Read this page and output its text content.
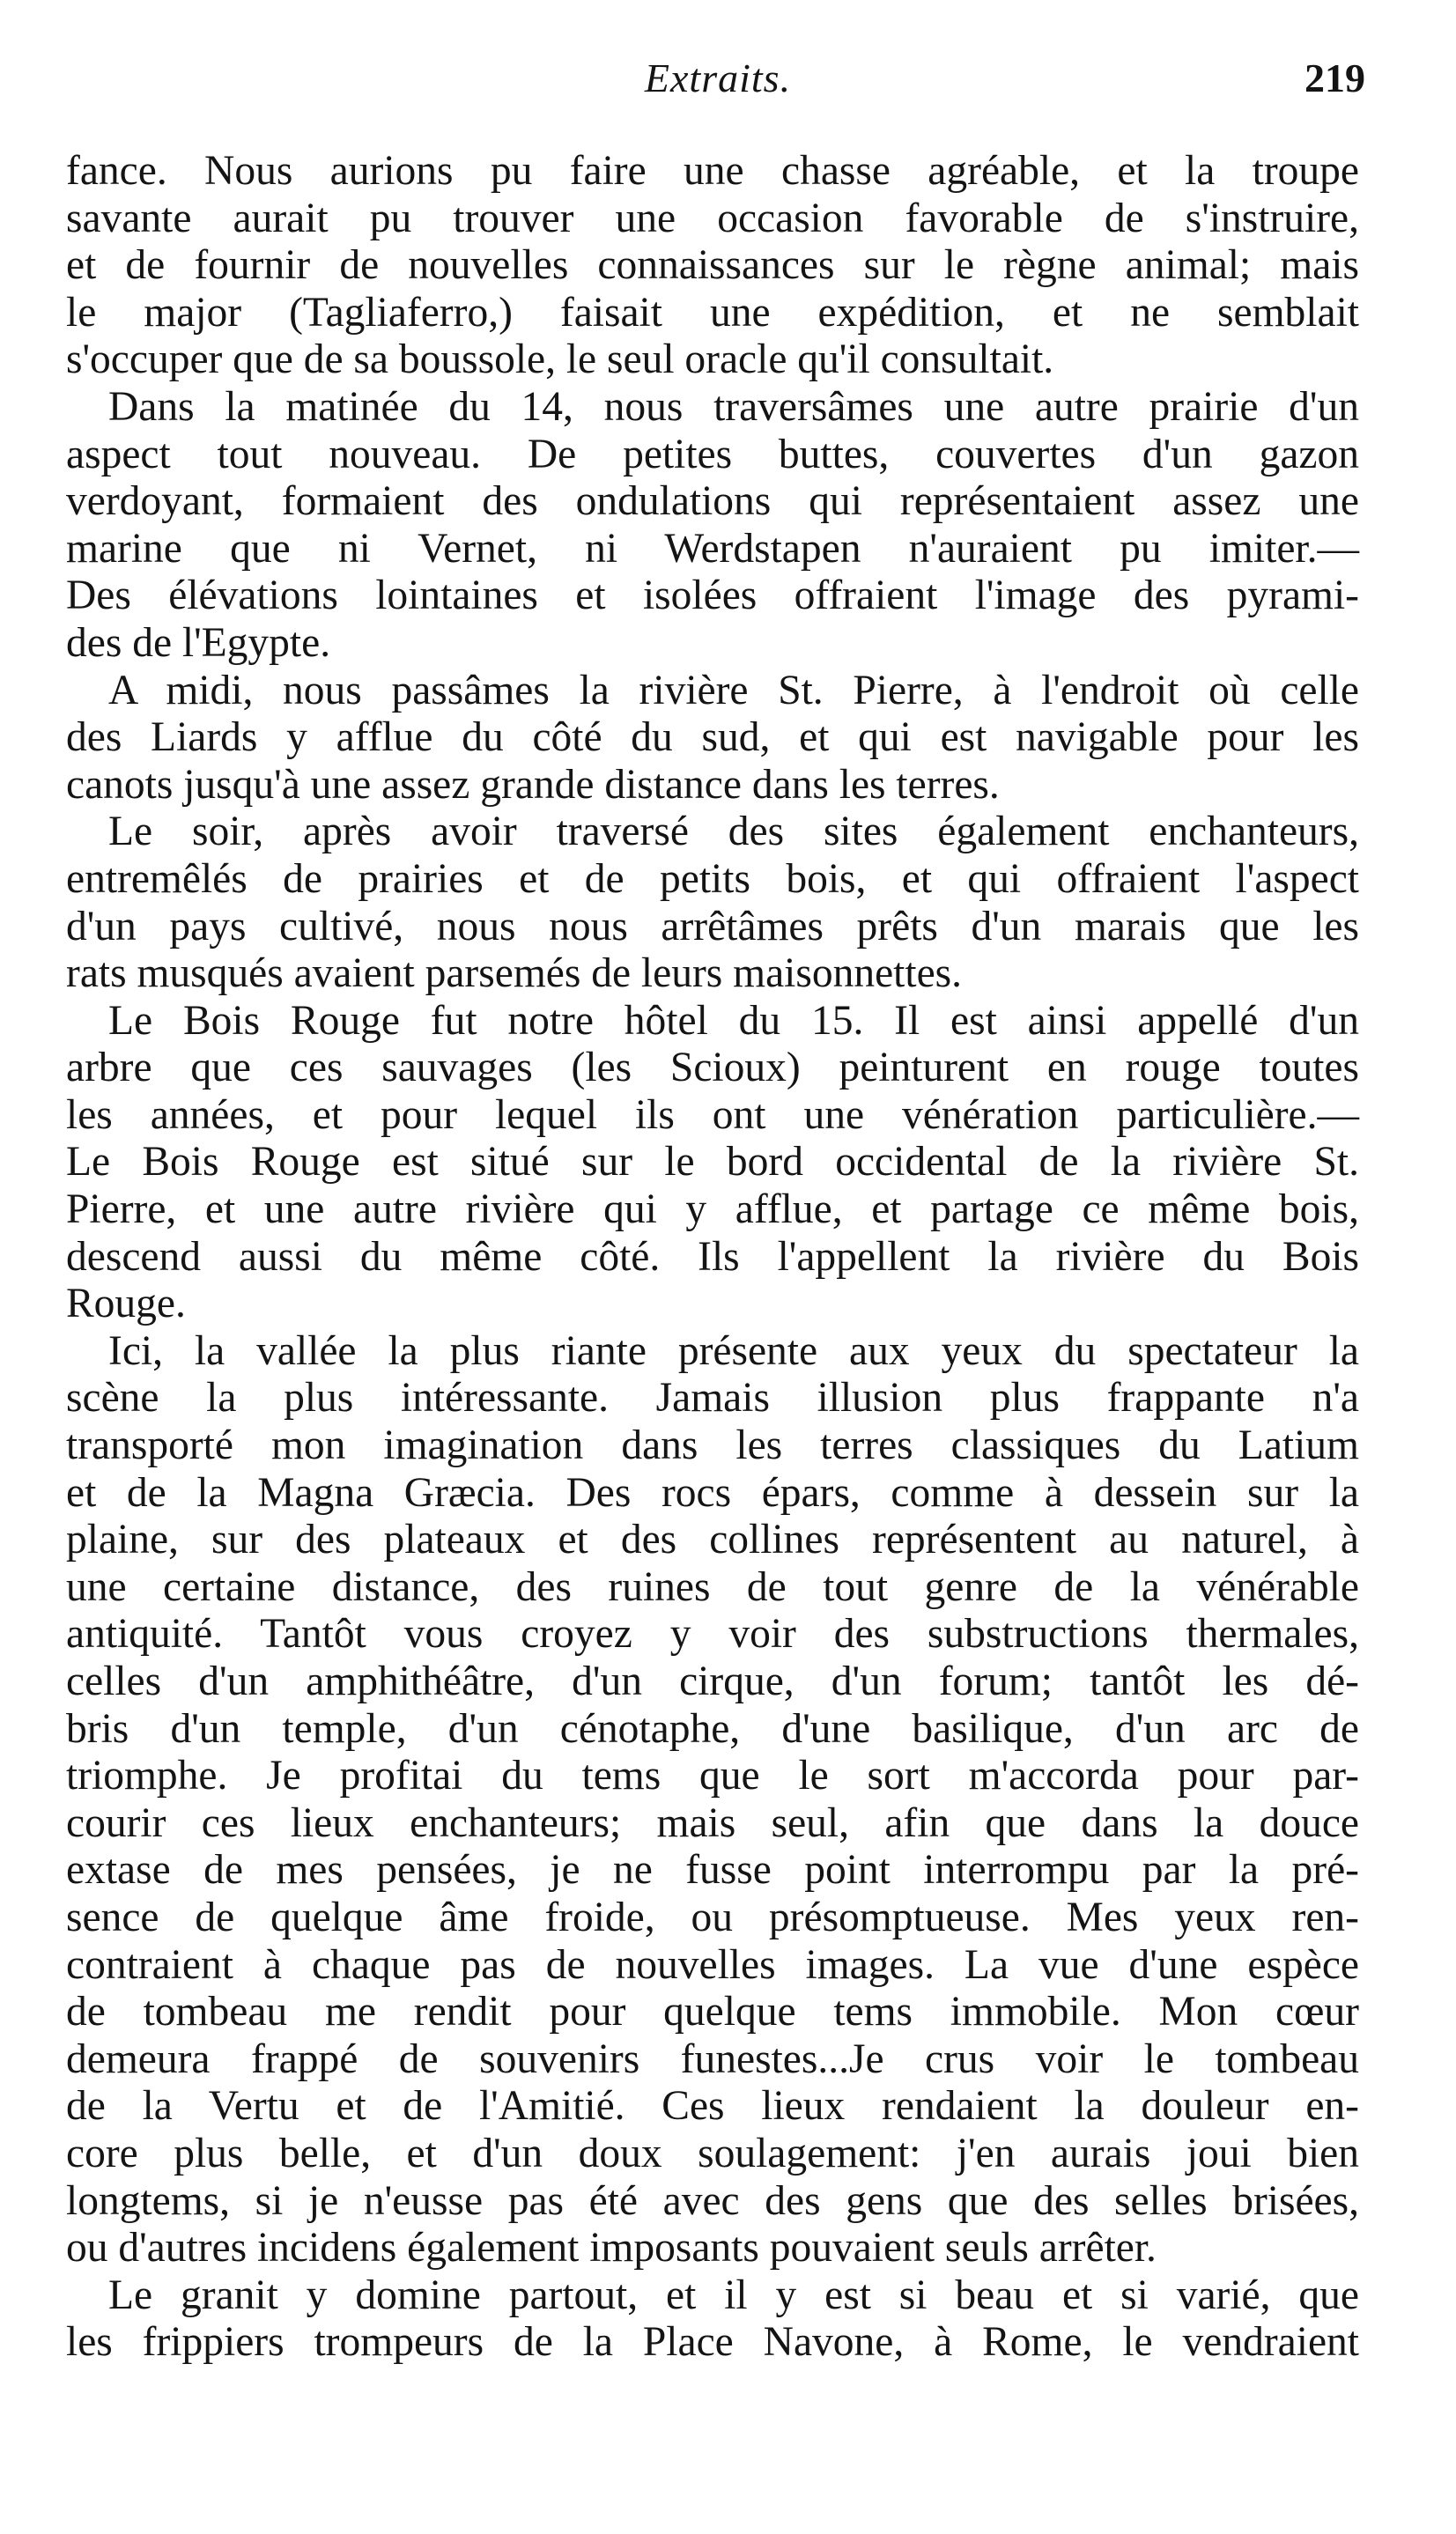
Extraits.	219
fance. Nous aurions pu faire une chasse agréable, et la troupe
savante aurait pu trouver une occasion favorable de s'instruire,
et de fournir de nouvelles connaissances sur le règne animal; mais
le major (Tagliaferro,) faisait une expédition, et ne semblait
s'occuper que de sa boussole, le seul oracle qu'il consultait.
Dans la matinée du 14, nous traversâmes une autre prairie d'un
aspect tout nouveau. De petites buttes, couvertes d'un gazon
verdoyant, formaient des ondulations qui représentaient assez une
marine que ni Vernet, ni Werdstapen n'auraient pu imiter.—
Des élévations lointaines et isolées offraient l'image des pyrami-
des de l'Egypte.
A midi, nous passâmes la rivière St. Pierre, à l'endroit où celle
des Liards y afflue du côté du sud, et qui est navigable pour les
canots jusqu'à une assez grande distance dans les terres.
Le soir, après avoir traversé des sites également enchanteurs,
entremêlés de prairies et de petits bois, et qui offraient l'aspect
d'un pays cultivé, nous nous arrêtâmes prêts d'un marais que les
rats musqués avaient parsemés de leurs maisonnettes.
Le Bois Rouge fut notre hôtel du 15. Il est ainsi appellé d'un
arbre que ces sauvages (les Scioux) peinturent en rouge toutes
les années, et pour lequel ils ont une vénération particulière.—
Le Bois Rouge est situé sur le bord occidental de la rivière St.
Pierre, et une autre rivière qui y afflue, et partage ce même bois,
descend aussi du même côté. Ils l'appellent la rivière du Bois
Rouge.
Ici, la vallée la plus riante présente aux yeux du spectateur la
scène la plus intéressante. Jamais illusion plus frappante n'a
transporté mon imagination dans les terres classiques du Latium
et de la Magna Græcia. Des rocs épars, comme à dessein sur la
plaine, sur des plateaux et des collines représentent au naturel, à
une certaine distance, des ruines de tout genre de la vénérable
antiquité. Tantôt vous croyez y voir des substructions thermales,
celles d'un amphithéâtre, d'un cirque, d'un forum; tantôt les dé-
bris d'un temple, d'un cénotaphe, d'une basilique, d'un arc de
triomphe. Je profitai du tems que le sort m'accorda pour par-
courir ces lieux enchanteurs; mais seul, afin que dans la douce
extase de mes pensées, je ne fusse point interrompu par la pré-
sence de quelque âme froide, ou présomptueuse. Mes yeux ren-
contraient à chaque pas de nouvelles images. La vue d'une espèce
de tombeau me rendit pour quelque tems immobile. Mon cœur
demeura frappé de souvenirs funestes...Je crus voir le tombeau
de la Vertu et de l'Amitié. Ces lieux rendaient la douleur en-
core plus belle, et d'un doux soulagement: j'en aurais joui bien
longtems, si je n'eusse pas été avec des gens que des selles brisées,
ou d'autres incidens également imposants pouvaient seuls arrêter.
Le granit y domine partout, et il y est si beau et si varié, que
les frippiers trompeurs de la Place Navone, à Rome, le vendraient
